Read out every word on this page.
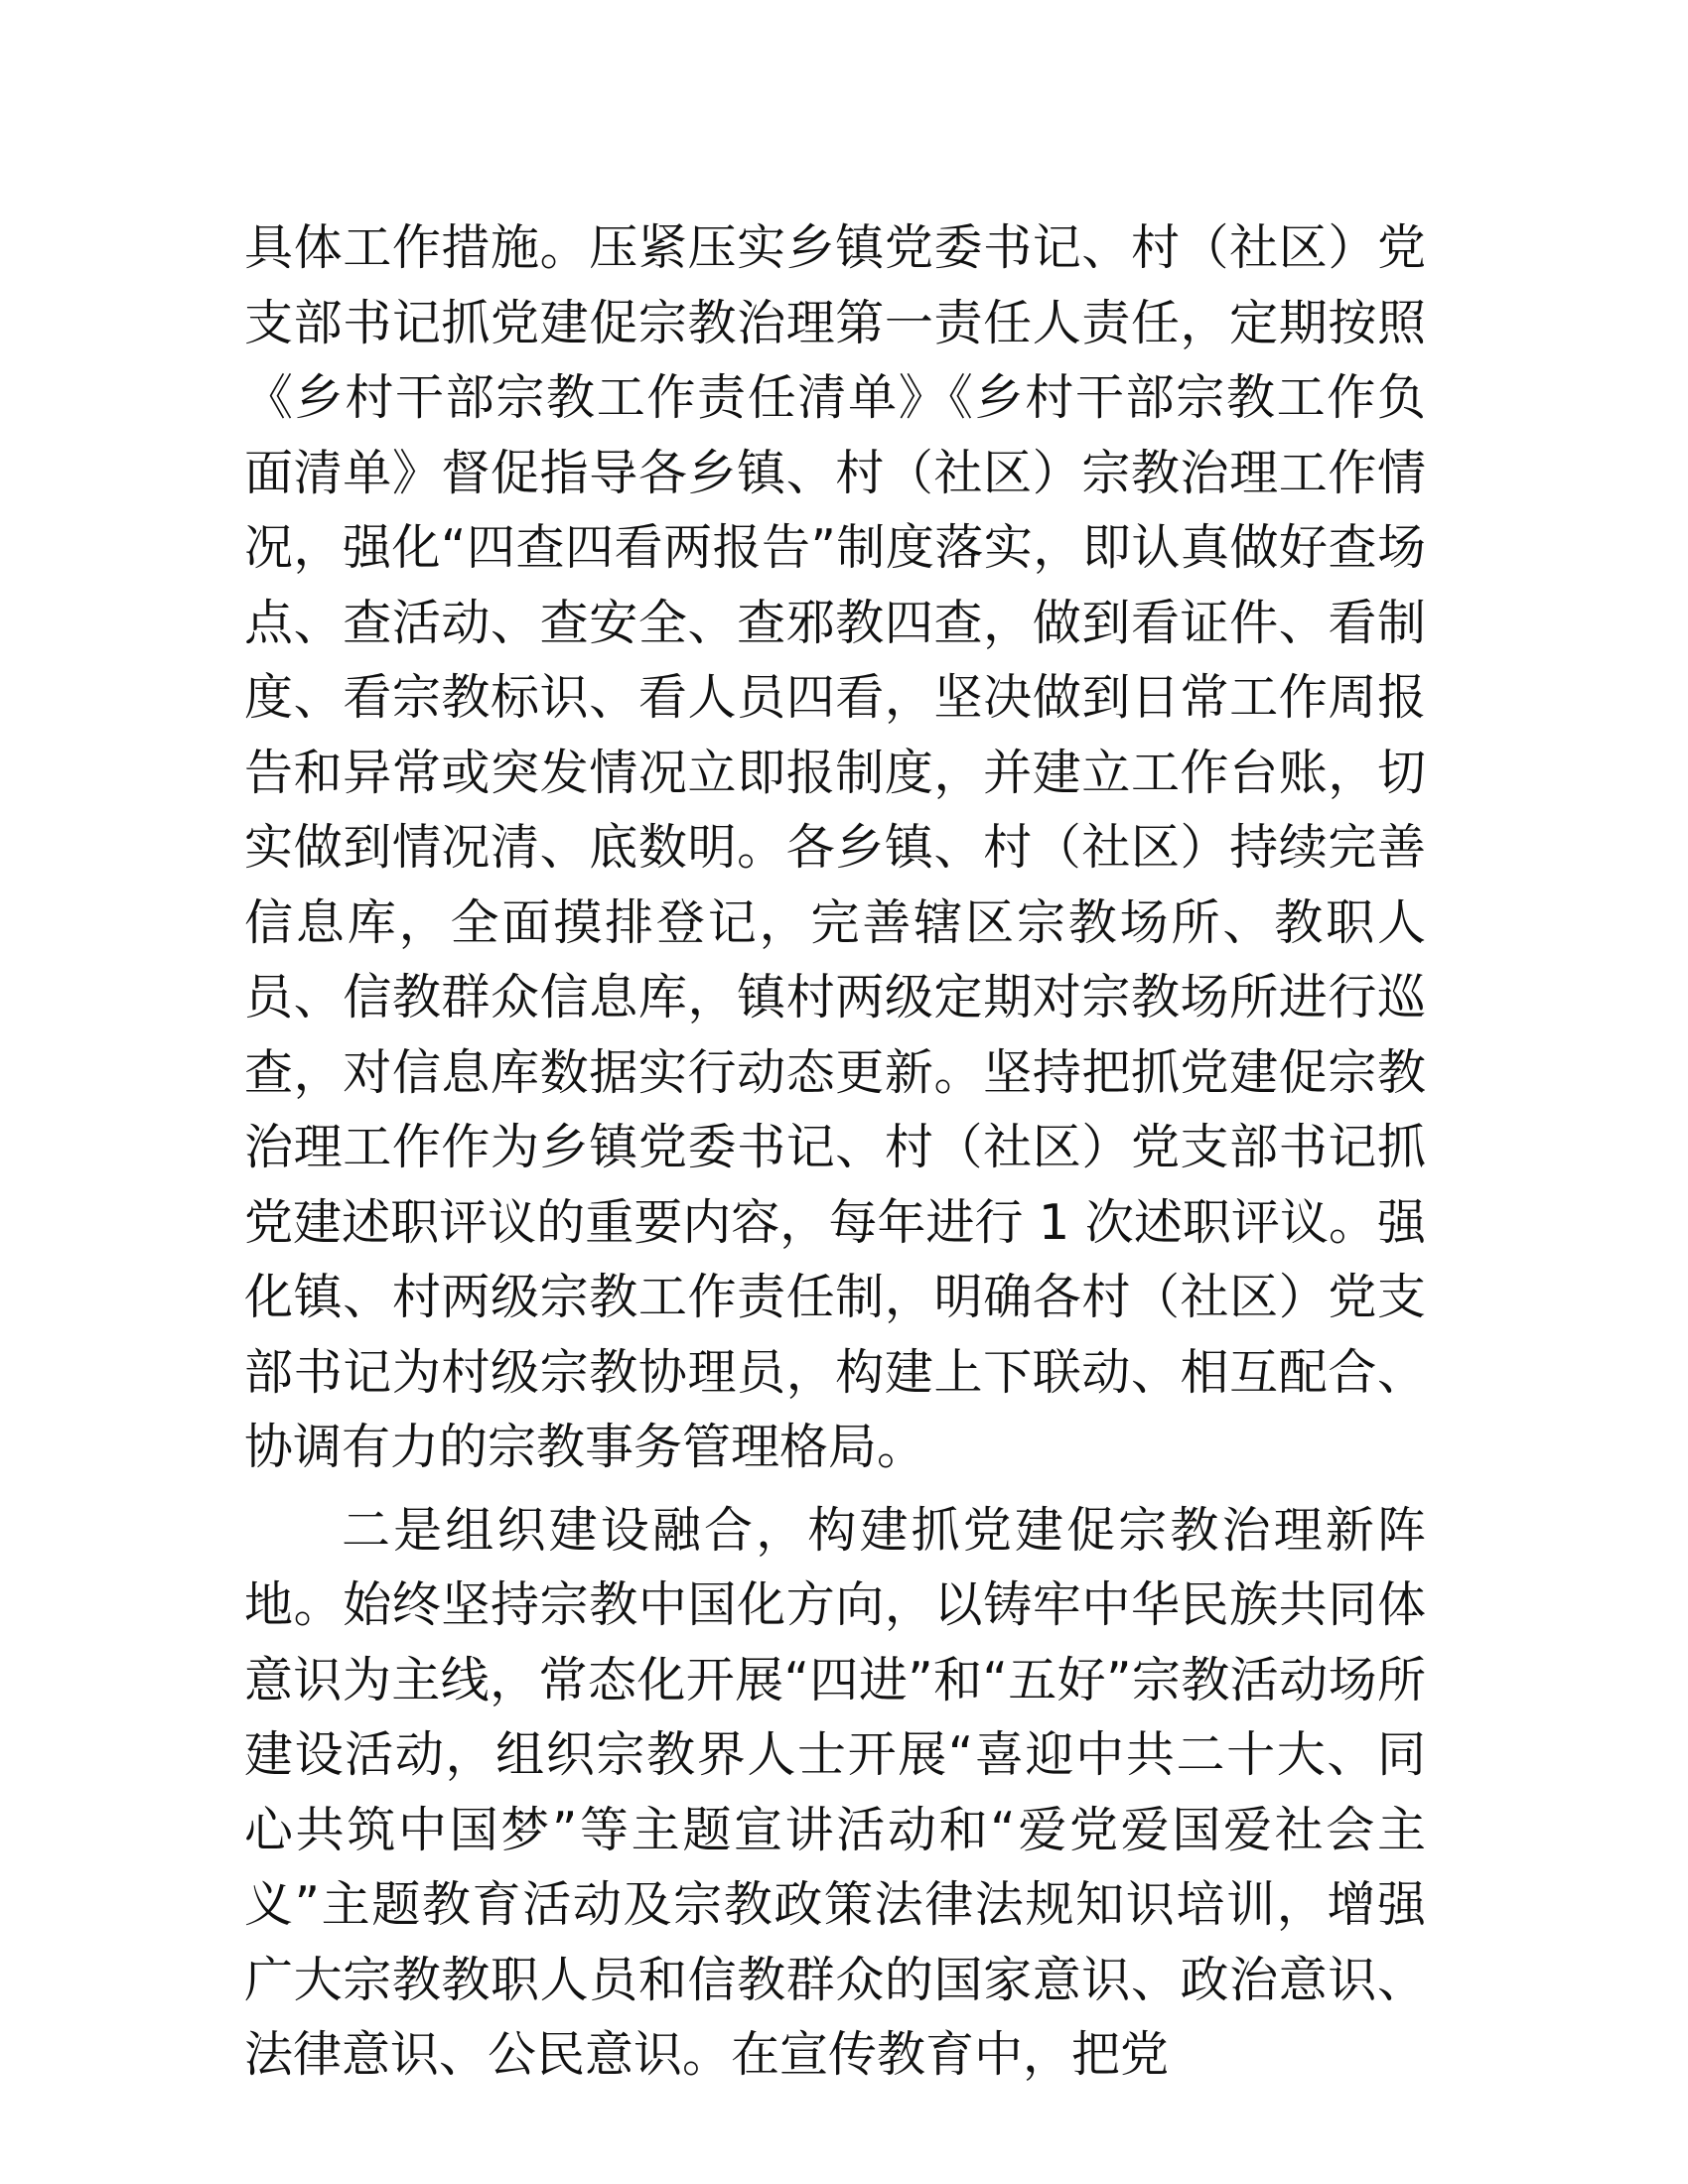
具体工作措施。压紧压实乡镇党委书记、村（社区）党支部书记抓党建促宗教治理第一责任人责任，定期按照《乡村干部宗教工作责任清单》《乡村干部宗教工作负面清单》督促指导各乡镇、村（社区）宗教治理工作情况，强化“四查四看两报告”制度落实，即认真做好查场点、查活动、查安全、查邪教四查，做到看证件、看制度、看宗教标识、看人员四看，坚决做到日常工作周报告和异常或突发情况立即报制度，并建立工作台账，切实做到情况清、底数明。各乡镇、村（社区）持续完善信息库，全面摸排登记，完善辖区宗教场所、教职人员、信教群众信息库，镇村两级定期对宗教场所进行巡查，对信息库数据实行动态更新。坚持把抓党建促宗教治理工作作为乡镇党委书记、村（社区）党支部书记抓党建述职评议的重要内容，每年进行 1 次述职评议。强化镇、村两级宗教工作责任制，明确各村（社区）党支部书记为村级宗教协理员，构建上下联动、相互配合、协调有力的宗教事务管理格局。

二是组织建设融合，构建抓党建促宗教治理新阵地。始终坚持宗教中国化方向，以铸牢中华民族共同体意识为主线，常态化开展“四进”和“五好”宗教活动场所建设活动，组织宗教界人士开展“喜迎中共二十大、同心共筑中国梦”等主题宣讲活动和“爱党爱国爱社会主义”主题教育活动及宗教政策法律法规知识培训，增强广大宗教教职人员和信教群众的国家意识、政治意识、法律意识、公民意识。在宣传教育中，把党
